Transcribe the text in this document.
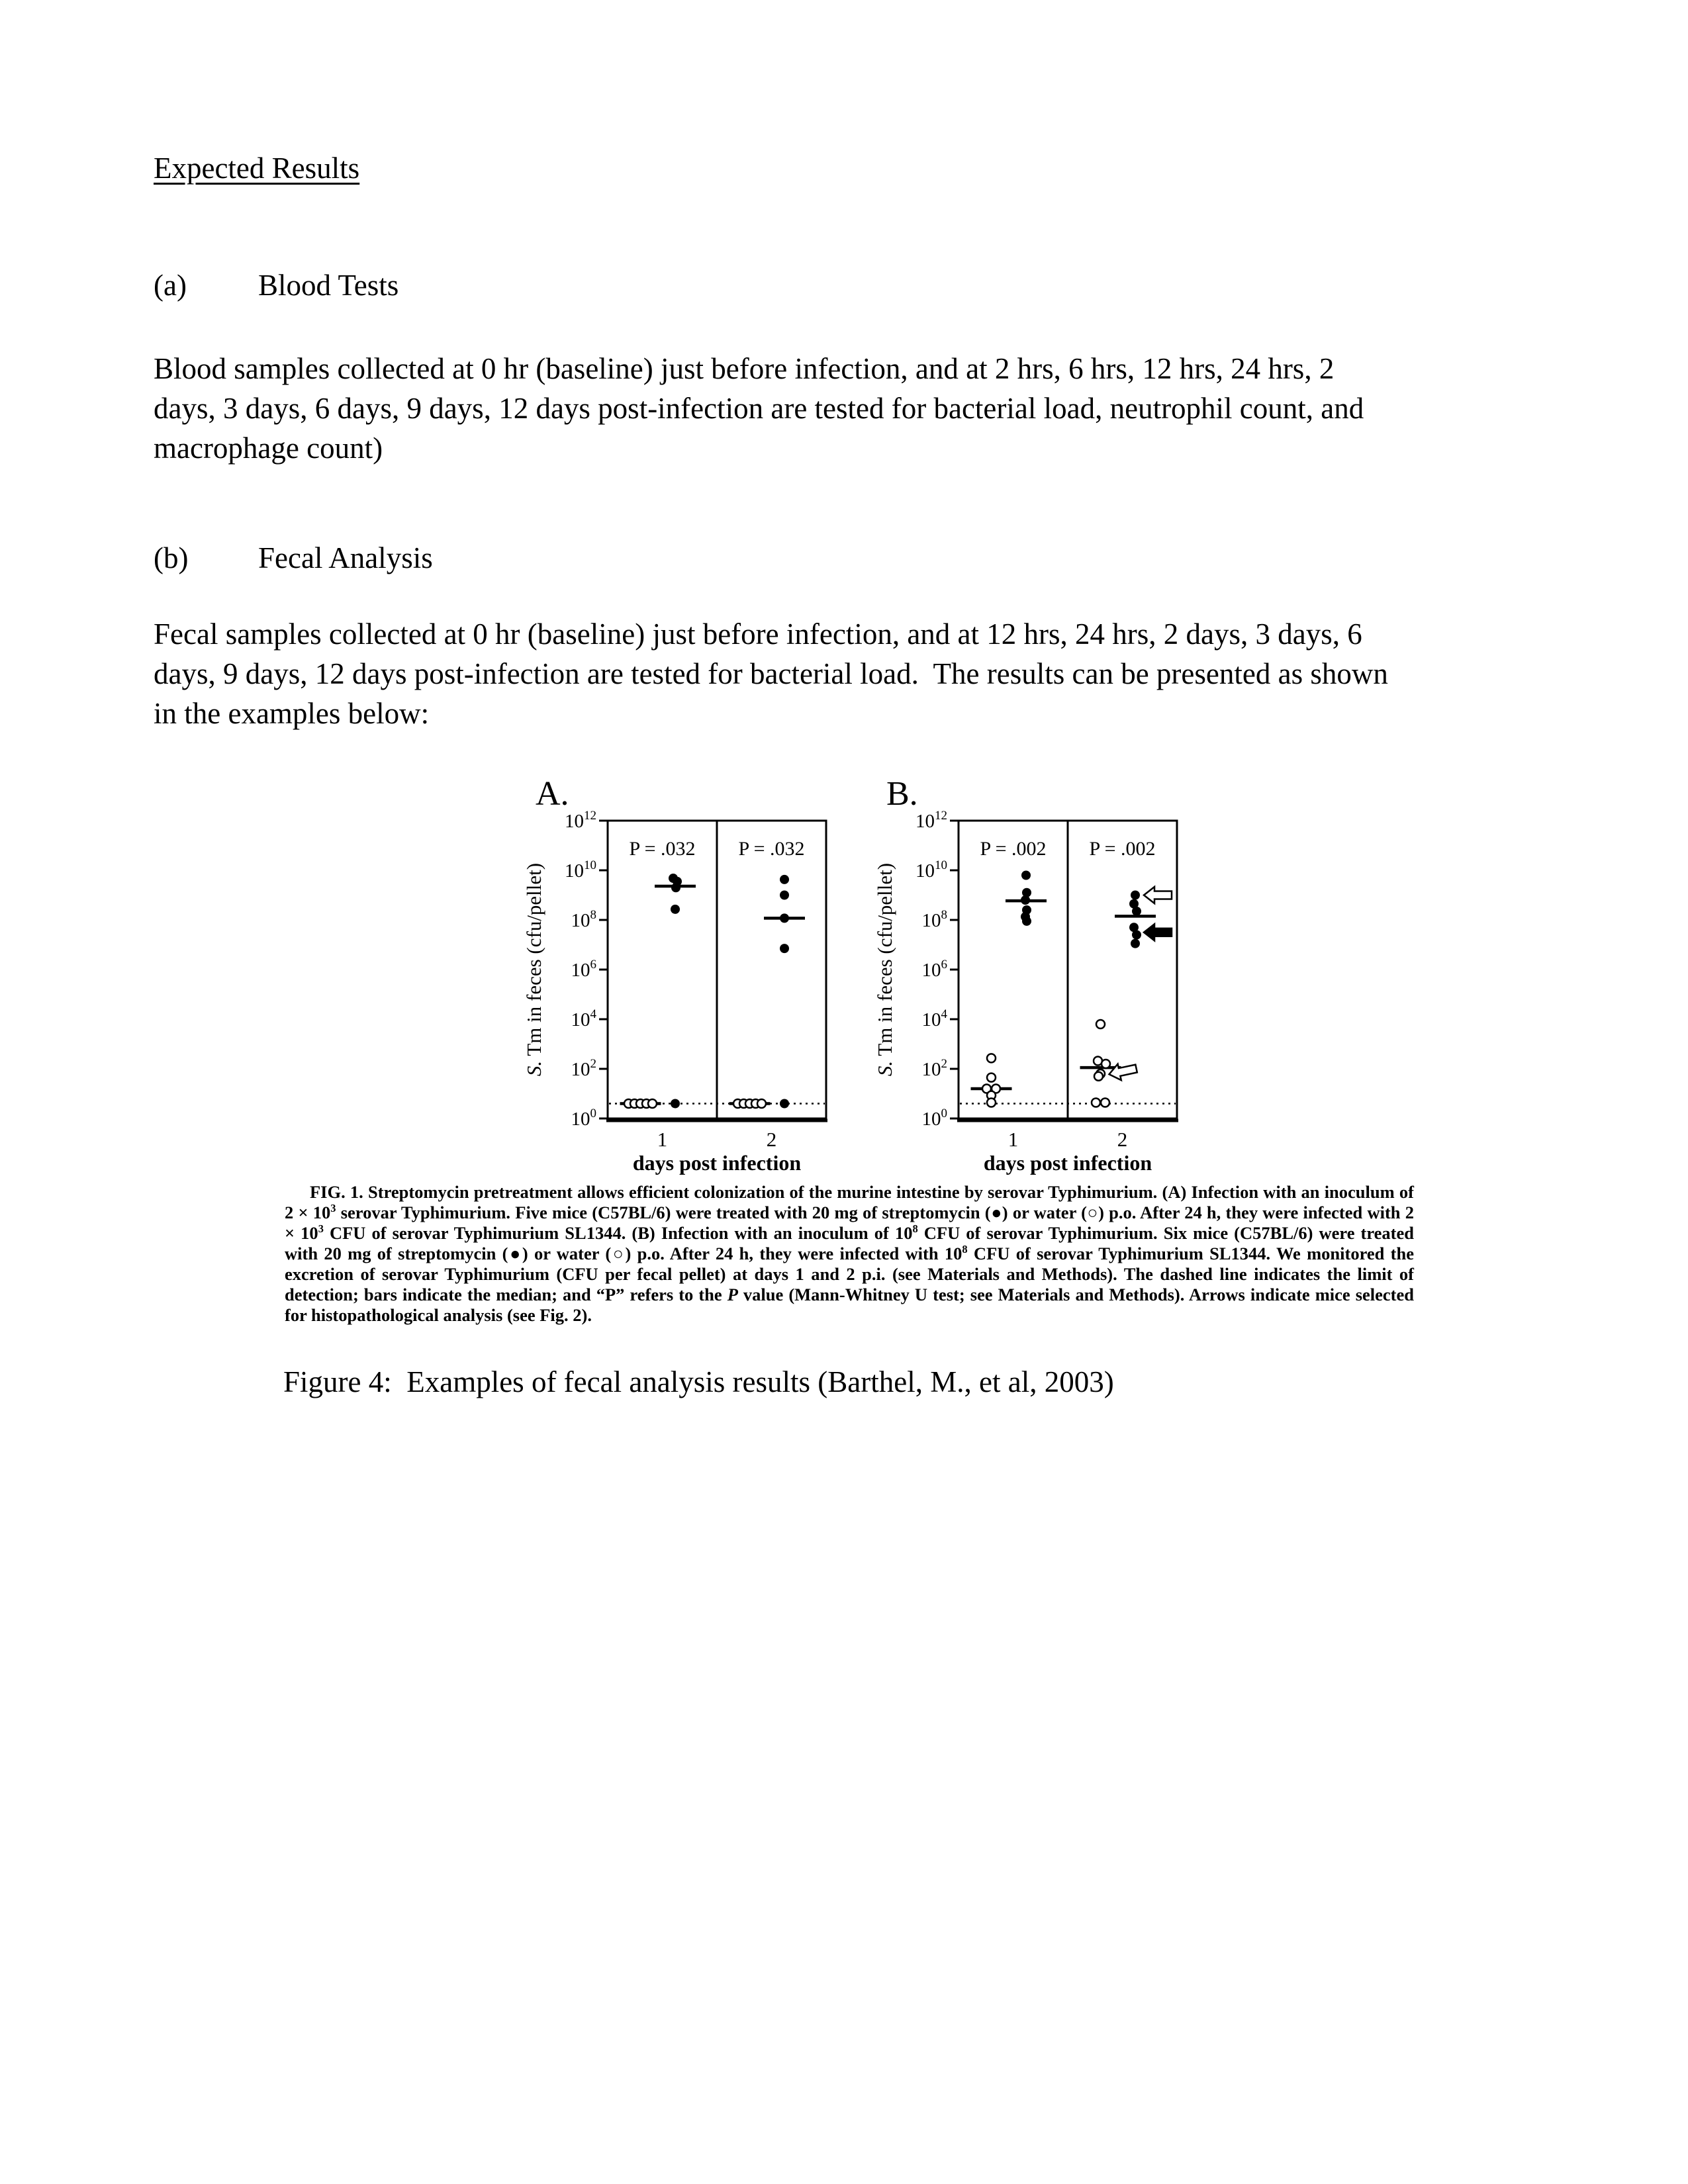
Expected Results
(a) Blood Tests

Blood samples collected at 0 hr (baseline) just before infection, and at 2 hrs, 6 hrs, 12 hrs, 24 hrs, 2
days, 3 days, 6 days, 9 days, 12 days post-infection are tested for bacterial load, neutrophil count, and
macrophage count)

(b) Fecal Analysis

Fecal samples collected at 0 hr (baseline) just before infection, and at 12 hrs, 24 hrs, 2 days, 3 days, 6
days, 9 days, 12 days post-infection are tested for bacterial load.  The results can be presented as shown
in the examples below:

A.
S. Tm in feces (cfu/pellet)
$10^{12}$
$10^{10}$
$10^8$
$10^6$
$10^4$
$10^2$
$10^0$
P = .032
1
P = .032
2
days post infection
B.
S. Tm in feces (cfu/pellet)
$10^{12}$
$10^{10}$
$10^8$
$10^6$
$10^4$
$10^2$
$10^0$
P = .002
1
P = .002
2
days post infection
FIG. 1. Streptomycin pretreatment allows efficient colonization of the murine intestine by serovar Typhimurium. (A) Infection with an inoculum of $2 \times 10^3$ serovar Typhimurium. Five mice (C57BL/6) were treated with 20 mg of streptomycin (●) or water (○) p.o. After 24 h, they were infected with $2 \times 10^3$ CFU of serovar Typhimurium SL1344. (B) Infection with an inoculum of $10^8$ CFU of serovar Typhimurium. Six mice (C57BL/6) were treated with 20 mg of streptomycin (●) or water (○) p.o. After 24 h, they were infected with $10^8$ CFU of serovar Typhimurium SL1344. We monitored the excretion of serovar Typhimurium (CFU per fecal pellet) at days 1 and 2 p.i. (see Materials and Methods). The dashed line indicates the limit of detection; bars indicate the median; and “P” refers to the P value (Mann-Whitney U test; see Materials and Methods). Arrows indicate mice selected for histopathological analysis (see Fig. 2).

Figure 4:  Examples of fecal analysis results (Barthel, M., et al, 2003)
